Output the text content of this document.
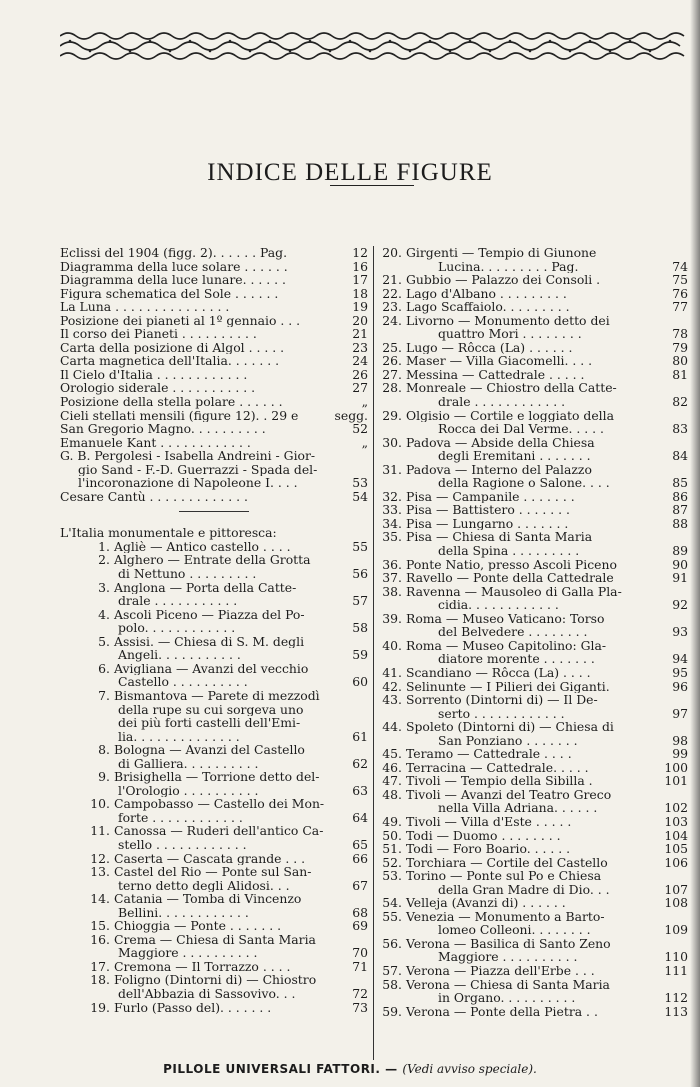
INDICE DELLE FIGURE
Eclissi del 1904 (figg. 2). . . . . . Pag.	12
Diagramma della luce solare . . . . . .	16
Diagramma della luce lunare. . . . . .	17
Figura schematica del Sole . . . . . .	18
La Luna . . . . . . . . . . . . . . .	19
Posizione dei pianeti al 1º gennaio . . .	20
Il corso dei Pianeti . . . . . . . . . .	21
Carta della posizione di Algol . . . . .	23
Carta magnetica dell'Italia. . . . . . .	24
Il Cielo d'Italia . . . . . . . . . . . .	26
Orologio siderale . . . . . . . . . . .	27
Posizione della stella polare . . . . . .	„
Cieli stellati mensili (figure 12). . 29 e	segg.
San Gregorio Magno. . . . . . . . . .	52
Emanuele Kant . . . . . . . . . . . .	„
G. B. Pergolesi - Isabella Andreini - Gior-
gio Sand - F.-D. Guerrazzi - Spada del-
l'incoronazione di Napoleone I. . . .	53
Cesare Cantù . . . . . . . . . . . . .	54
L'Italia monumentale e pittoresca:
1. Agliè — Antico castello . . . .	55
2. Alghero — Entrate della Grotta
di Nettuno . . . . . . . . .	56
3. Anglona — Porta della Catte-
drale . . . . . . . . . . .	57
4. Ascoli Piceno — Piazza del Po-
polo. . . . . . . . . . . .	58
5. Assisi. — Chiesa di S. M. degli
Angeli. . . . . . . . . . .	59
6. Avigliana — Avanzi del vecchio
Castello . . . . . . . . . .	60
7. Bismantova — Parete di mezzodì
della rupe su cui sorgeva uno
dei più forti castelli dell'Emi-
lia. . . . . . . . . . . . . .	61
8. Bologna — Avanzi del Castello
di Galliera. . . . . . . . . .	62
9. Brisighella — Torrione detto del-
l'Orologio . . . . . . . . . .	63
10. Campobasso — Castello dei Mon-
forte . . . . . . . . . . . .	64
11. Canossa — Ruderi dell'antico Ca-
stello . . . . . . . . . . . .	65
12. Caserta — Cascata grande . . .	66
13. Castel del Rio — Ponte sul San-
terno detto degli Alidosi. . .	67
14. Catania — Tomba di Vincenzo
Bellini. . . . . . . . . . . .	68
15. Chioggia — Ponte . . . . . . .	69
16. Crema — Chiesa di Santa Maria
Maggiore . . . . . . . . . .	70
17. Cremona — Il Torrazzo . . . .	71
18. Foligno (Dintorni di) — Chiostro
dell'Abbazia di Sassovivo. . .	72
19. Furlo (Passo del). . . . . . .	73
20. Girgenti — Tempio di Giunone
Lucina. . . . . . . . . Pag.	74
21. Gubbio — Palazzo dei Consoli .	75
22. Lago d'Albano . . . . . . . . .	76
23. Lago Scaffaiolo. . . . . . . . .	77
24. Livorno — Monumento detto dei
quattro Mori . . . . . . . .	78
25. Lugo — Rôcca (La) . . . . . .	79
26. Maser — Villa Giacomelli. . . .	80
27. Messina — Cattedrale . . . . .	81
28. Monreale — Chiostro della Catte-
drale . . . . . . . . . . . .	82
29. Olgisio — Cortile e loggiato della
Rocca dei Dal Verme. . . . .	83
30. Padova — Abside della Chiesa
degli Eremitani . . . . . . .	84
31. Padova — Interno del Palazzo
della Ragione o Salone. . . .	85
32. Pisa — Campanile . . . . . . .	86
33. Pisa — Battistero . . . . . . .	87
34. Pisa — Lungarno . . . . . . .	88
35. Pisa — Chiesa di Santa Maria
della Spina . . . . . . . . .	89
36. Ponte Natio, presso Ascoli Piceno	90
37. Ravello — Ponte della Cattedrale	91
38. Ravenna — Mausoleo di Galla Pla-
cidia. . . . . . . . . . . .	92
39. Roma — Museo Vaticano: Torso
del Belvedere . . . . . . . .	93
40. Roma — Museo Capitolino: Gla-
diatore morente . . . . . . .	94
41. Scandiano — Rôcca (La) . . . .	95
42. Selinunte — I Pilieri dei Giganti.	96
43. Sorrento (Dintorni di) — Il De-
serto . . . . . . . . . . . .	97
44. Spoleto (Dintorni di) — Chiesa di
San Ponziano . . . . . . .	98
45. Teramo — Cattedrale . . . .	99
46. Terracina — Cattedrale. . . . .	100
47. Tivoli — Tempio della Sibilla .	101
48. Tivoli — Avanzi del Teatro Greco
nella Villa Adriana. . . . . .	102
49. Tivoli — Villa d'Este . . . . .	103
50. Todi — Duomo . . . . . . . .	104
51. Todi — Foro Boario. . . . . .	105
52. Torchiara — Cortile del Castello	106
53. Torino — Ponte sul Po e Chiesa
della Gran Madre di Dio. . .	107
54. Velleja (Avanzi di) . . . . . .	108
55. Venezia — Monumento a Barto-
lomeo Colleoni. . . . . . . .	109
56. Verona — Basilica di Santo Zeno
Maggiore . . . . . . . . . .	110
57. Verona — Piazza dell'Erbe . . .	111
58. Verona — Chiesa di Santa Maria
in Organo. . . . . . . . . .	112
59. Verona — Ponte della Pietra . .	113
PILLOLE UNIVERSALI FATTORI. — (Vedi avviso speciale).
